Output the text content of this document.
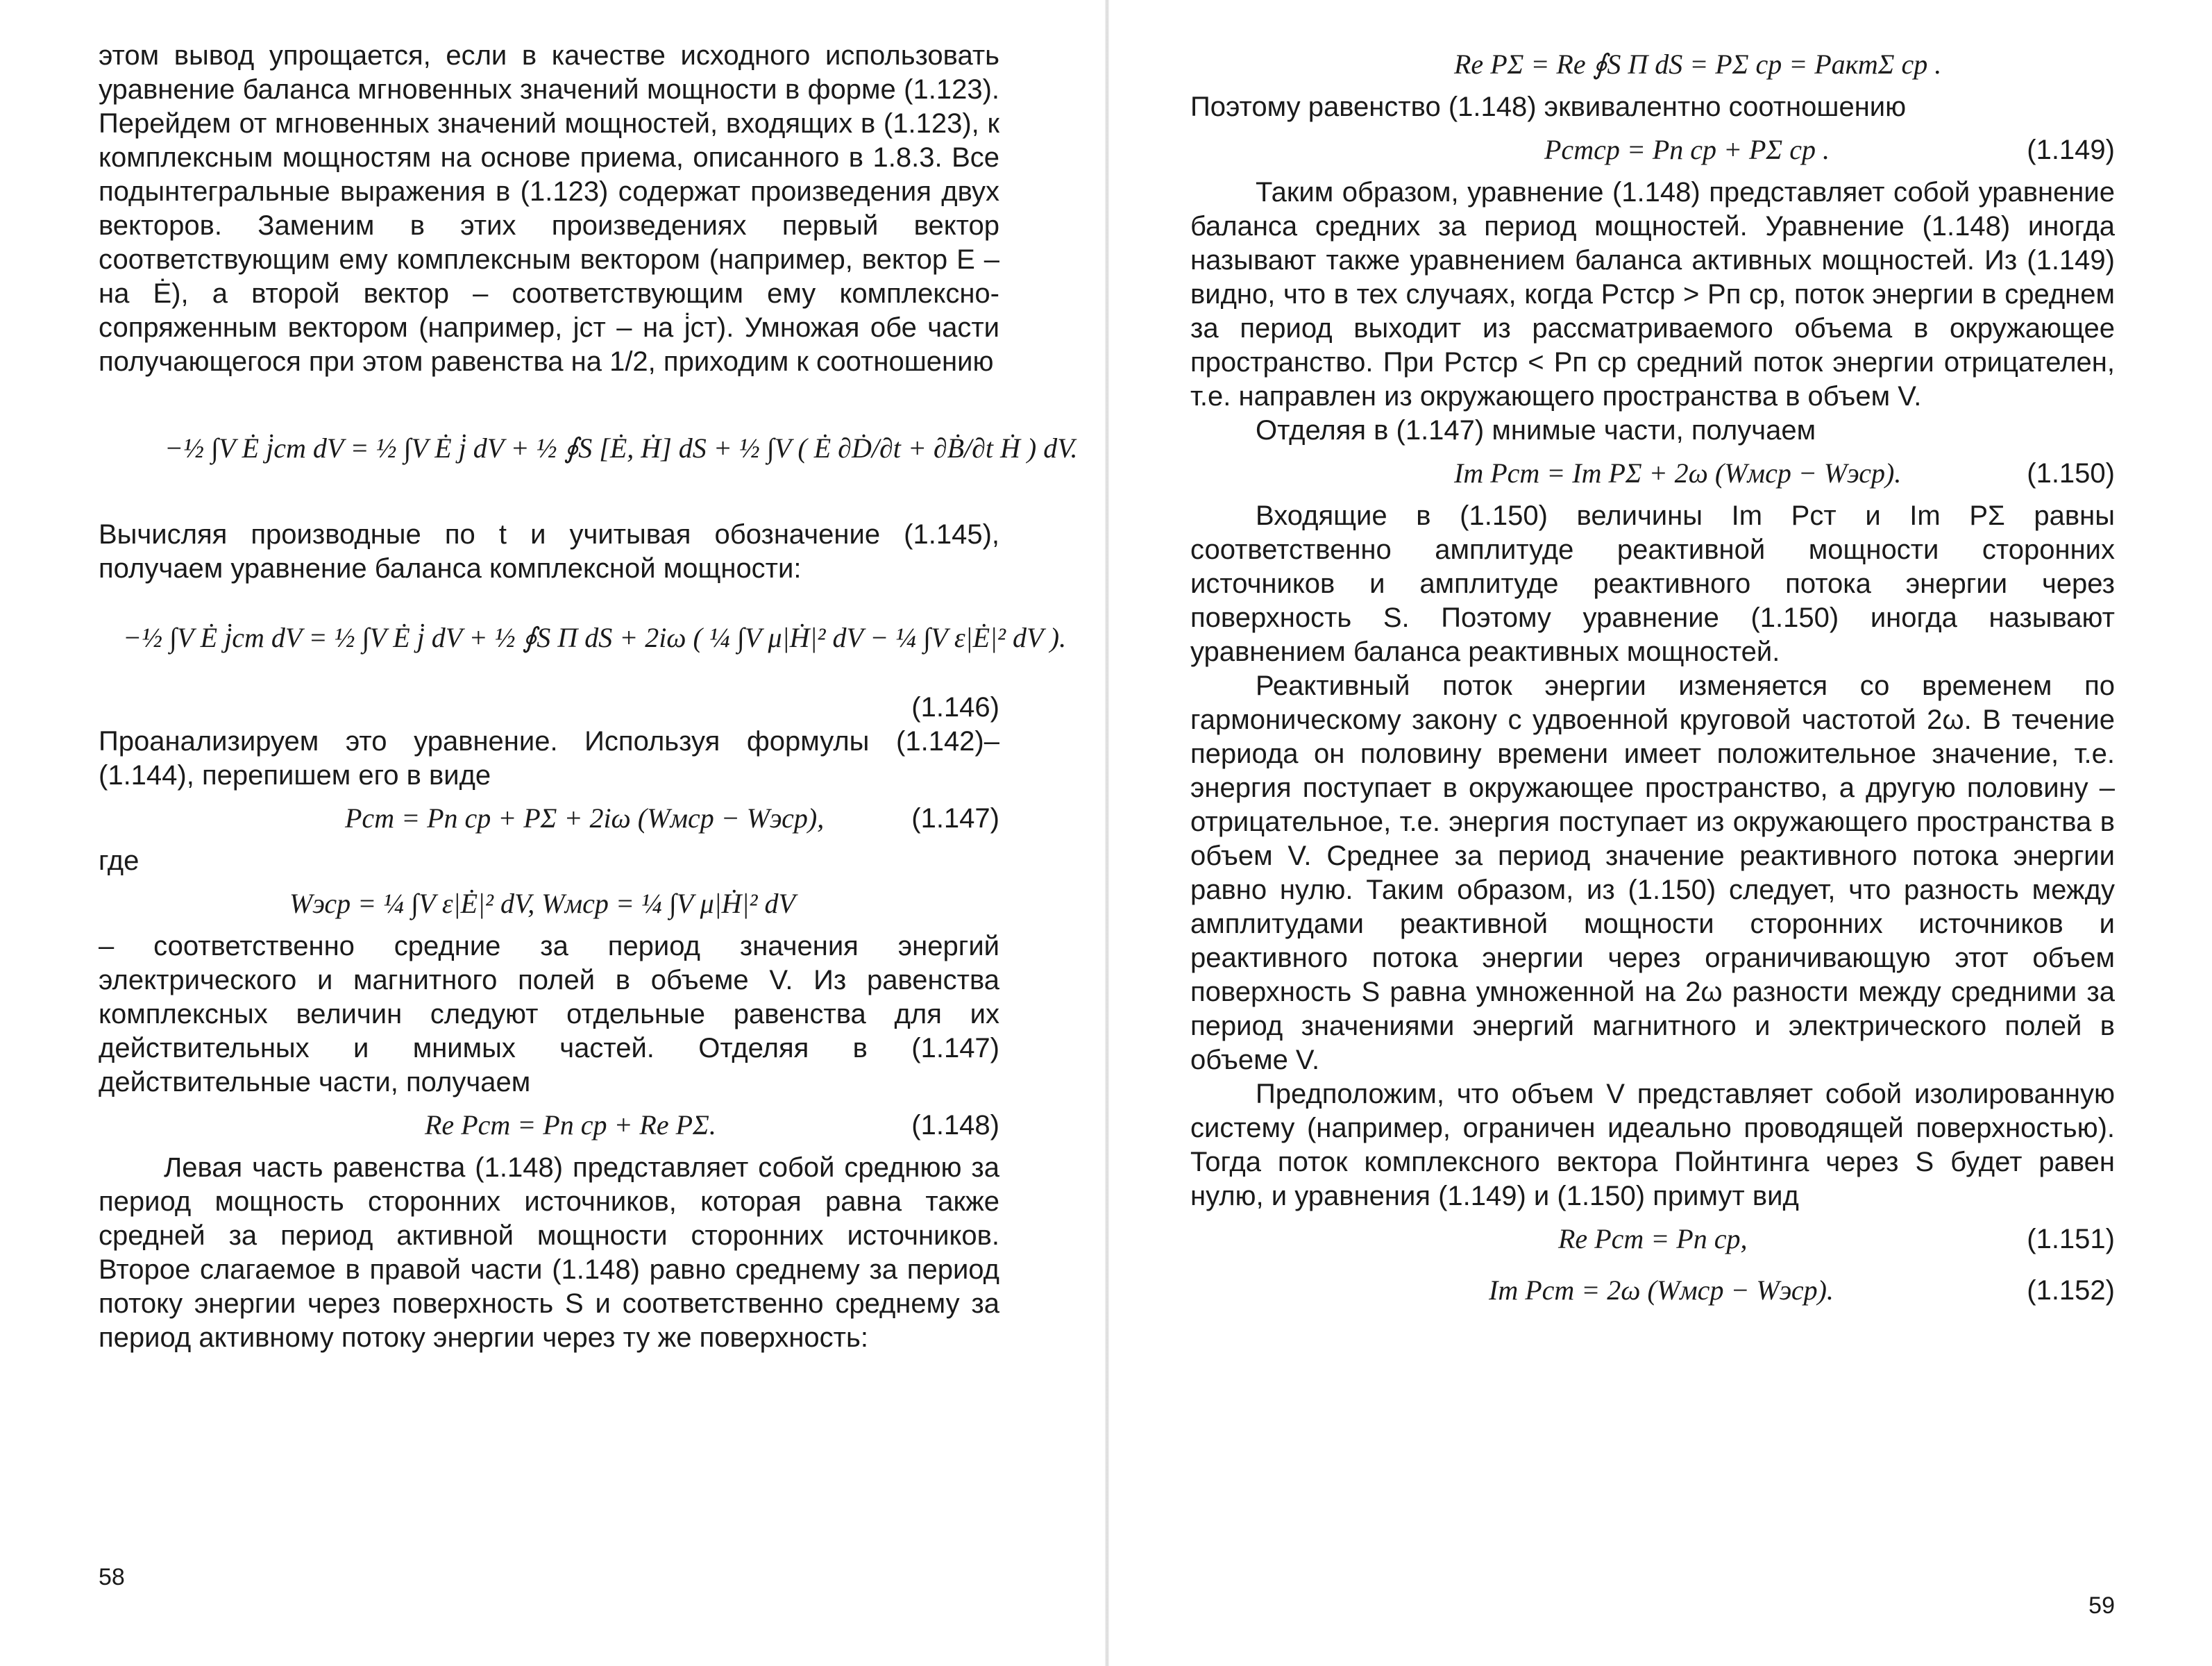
этом вывод упрощается, если в качестве исходного использовать уравнение баланса мгновенных значений мощности в форме (1.123). Перейдем от мгновенных значений мощностей, входящих в (1.123), к комплексным мощностям на основе приема, описанного в 1.8.3. Все подынтегральные выражения в (1.123) содержат произведения двух векторов. Заменим в этих произведениях первый вектор соответствующим ему комплексным вектором (например, вектор E – на Ė), а второй вектор – соответствующим ему комплексно-сопряженным вектором (например, jст – на j̇ст). Умножая обе части получающегося при этом равенства на 1/2, приходим к соотношению

−½ ∫V Ė j̇ст dV = ½ ∫V Ė j̇ dV + ½ ∮S [Ė, Ḣ] dS + ½ ∫V ( Ė ∂Ḋ/∂t + ∂Ḃ/∂t Ḣ ) dV.

Вычисляя производные по t и учитывая обозначение (1.145), получаем уравнение баланса комплексной мощности:

−½ ∫V Ė j̇ст dV = ½ ∫V Ė j̇ dV + ½ ∮S Π dS + 2iω ( ¼ ∫V μ|Ḣ|² dV − ¼ ∫V ε|Ė|² dV ).
(1.146)

Проанализируем это уравнение. Используя формулы (1.142)–(1.144), перепишем его в виде

Pст = Pп ср + PΣ + 2iω (Wмср − Wэср),	(1.147)

где

Wэср = ¼ ∫V ε|Ė|² dV, Wмср = ¼ ∫V μ|Ḣ|² dV

– соответственно средние за период значения энергий электрического и магнитного полей в объеме V. Из равенства комплексных величин следуют отдельные равенства для их действительных и мнимых частей. Отделяя в (1.147) действительные части, получаем

Re Pст = Pп ср + Re PΣ.	(1.148)

Левая часть равенства (1.148) представляет собой среднюю за период мощность сторонних источников, которая равна также средней за период активной мощности сторонних источников. Второе слагаемое в правой части (1.148) равно среднему за период потоку энергии через поверхность S и соответственно среднему за период активному потоку энергии через ту же поверхность:

58
Re PΣ = Re ∮S Π dS = PΣ ср = PактΣ ср .

Поэтому равенство (1.148) эквивалентно соотношению

Pстср = Pп ср + PΣ ср .	(1.149)

Таким образом, уравнение (1.148) представляет собой уравнение баланса средних за период мощностей. Уравнение (1.148) иногда называют также уравнением баланса активных мощностей. Из (1.149) видно, что в тех случаях, когда Pстср > Pп ср, поток энергии в среднем за период выходит из рассматриваемого объема в окружающее пространство. При Pстср < Pп ср средний поток энергии отрицателен, т.е. направлен из окружающего пространства в объем V.

Отделяя в (1.147) мнимые части, получаем

Im Pст = Im PΣ + 2ω (Wмср − Wэср).	(1.150)

Входящие в (1.150) величины Im Pст и Im PΣ равны соответственно амплитуде реактивной мощности сторонних источников и амплитуде реактивного потока энергии через поверхность S. Поэтому уравнение (1.150) иногда называют уравнением баланса реактивных мощностей.

Реактивный поток энергии изменяется со временем по гармоническому закону с удвоенной круговой частотой 2ω. В течение периода он половину времени имеет положительное значение, т.е. энергия поступает в окружающее пространство, а другую половину – отрицательное, т.е. энергия поступает из окружающего пространства в объем V. Среднее за период значение реактивного потока энергии равно нулю. Таким образом, из (1.150) следует, что разность между амплитудами реактивной мощности сторонних источников и реактивного потока энергии через ограничивающую этот объем поверхность S равна умноженной на 2ω разности между средними за период значениями энергий магнитного и электрического полей в объеме V.

Предположим, что объем V представляет собой изолированную систему (например, ограничен идеально проводящей поверхностью). Тогда поток комплексного вектора Пойнтинга через S будет равен нулю, и уравнения (1.149) и (1.150) примут вид

Re Pст = Pп ср,	(1.151)
Im Pст = 2ω (Wмср − Wэср).	(1.152)
59
